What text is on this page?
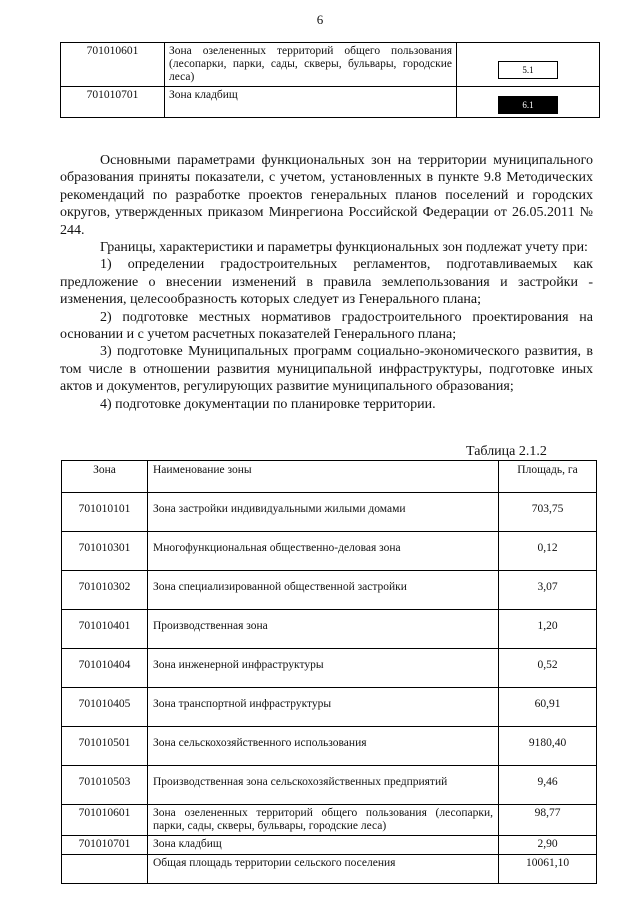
6
701010601	Зона озелененных территорий общего пользования (лесопарки, парки, сады, скверы, бульвары, городские леса)	5.1
701010701	Зона кладбищ	6.1

Основными параметрами функциональных зон на территории муниципального образования приняты показатели, с учетом, установленных в пункте 9.8 Методических рекомендаций по разработке проектов генеральных планов поселений и городских округов, утвержденных приказом Минрегиона Российской Федерации от 26.05.2011 № 244.

Границы, характеристики и параметры функциональных зон подлежат учету при:

1) определении градостроительных регламентов, подготавливаемых как предложение о внесении изменений в правила землепользования и застройки - изменения, целесообразность которых следует из Генерального плана;

2) подготовке местных нормативов градостроительного проектирования на основании и с учетом расчетных показателей Генерального плана;

3) подготовке Муниципальных программ социально-экономического развития, в том числе в отношении развития муниципальной инфраструктуры, подготовке иных актов и документов, регулирующих развитие муниципального образования;

4) подготовке документации по планировке территории.

Таблица 2.1.2
Зона	Наименование зоны	Площадь, га
701010101	Зона застройки индивидуальными жилыми домами	703,75
701010301	Многофункциональная общественно-деловая зона	0,12
701010302	Зона специализированной общественной застройки	3,07
701010401	Производственная зона	1,20
701010404	Зона инженерной инфраструктуры	0,52
701010405	Зона транспортной инфраструктуры	60,91
701010501	Зона сельскохозяйственного использования	9180,40
701010503	Производственная зона сельскохозяйственных предприятий	9,46
701010601	Зона озелененных территорий общего пользования (лесопарки, парки, сады, скверы, бульвары, городские леса)	98,77
701010701	Зона кладбищ	2,90
	Общая площадь территории сельского поселения	10061,10
